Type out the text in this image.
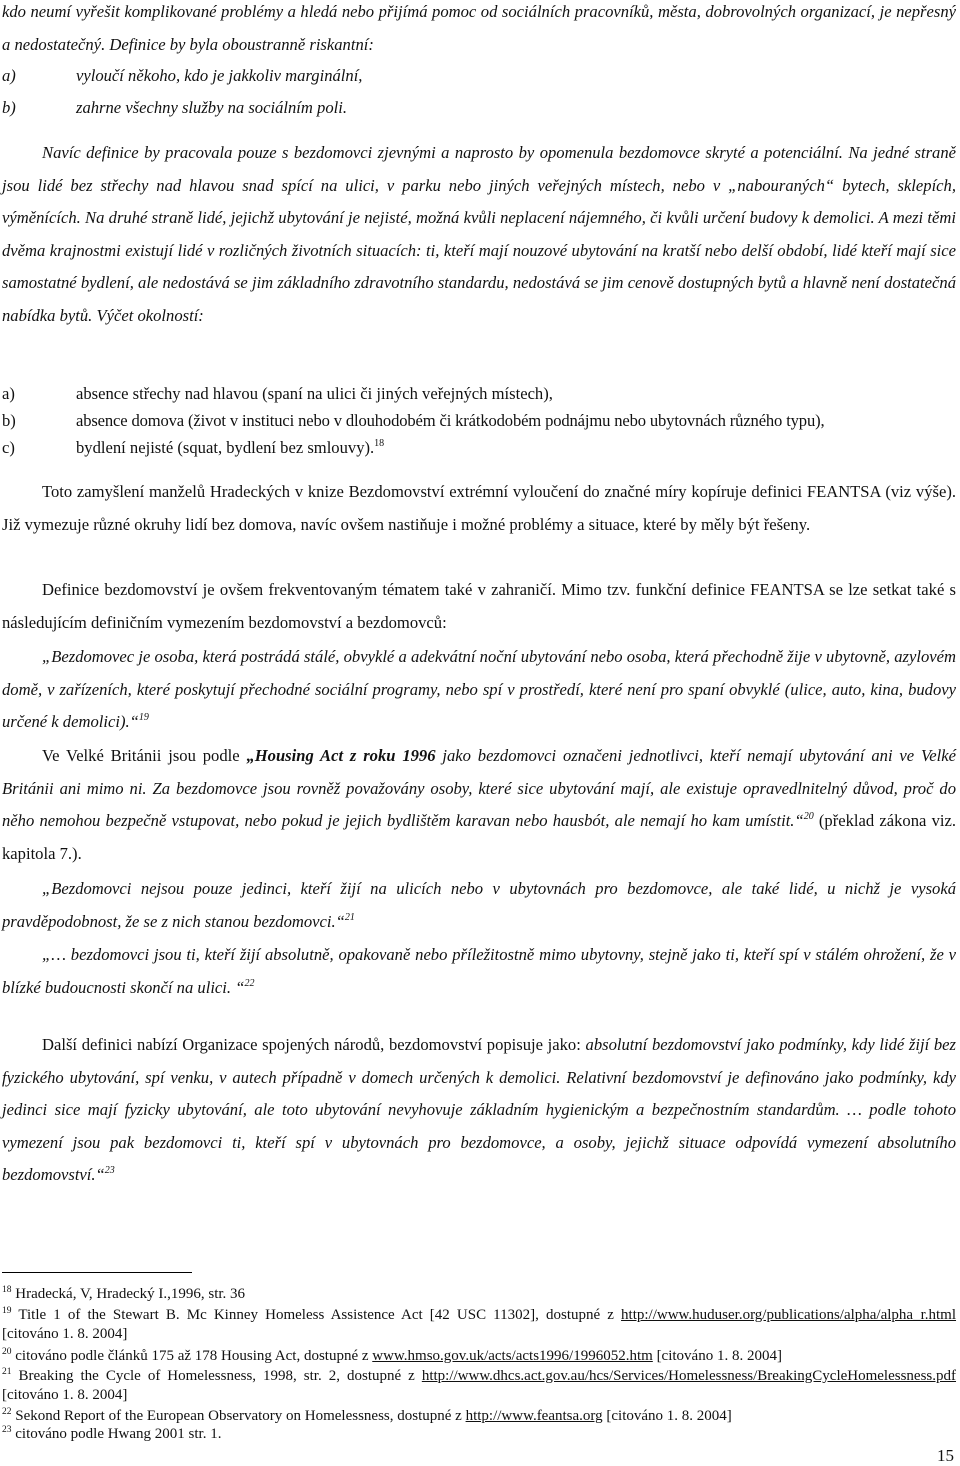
kdo neumí vyřešit komplikované problémy a hledá nebo přijímá pomoc od sociálních pracovníků, města, dobrovolných organizací, je nepřesný a nedostatečný. Definice by byla oboustranně riskantní:

a)	vyloučí někoho, kdo je jakkoliv marginální,
b)	zahrne všechny služby na sociálním poli.

Navíc definice by pracovala pouze s bezdomovci zjevnými a naprosto by opomenula bezdomovce skryté a potenciální. Na jedné straně jsou lidé bez střechy nad hlavou snad spící na ulici, v parku nebo jiných veřejných místech, nebo v „nabouraných“ bytech, sklepích, výměnících. Na druhé straně lidé, jejichž ubytování je nejisté, možná kvůli neplacení nájemného, či kvůli určení budovy k demolici. A mezi těmi dvěma krajnostmi existují lidé v rozličných životních situacích: ti, kteří mají nouzové ubytování na kratší nebo delší období, lidé kteří mají sice samostatné bydlení, ale nedostává se jim základního zdravotního standardu, nedostává se jim cenově dostupných bytů a hlavně není dostatečná nabídka bytů. Výčet okolností:

a)	absence střechy nad hlavou (spaní na ulici či jiných veřejných místech),
b)	absence domova (život v instituci nebo v dlouhodobém či krátkodobém podnájmu nebo ubytovnách různého typu),
c)	bydlení nejisté (squat, bydlení bez smlouvy).$^{18}$

Toto zamyšlení manželů Hradeckých v knize Bezdomovství extrémní vyloučení do značné míry kopíruje definici FEANTSA (viz výše). Již vymezuje různé okruhy lidí bez domova, navíc ovšem nastiňuje i možné problémy a situace, které by měly být řešeny.

Definice bezdomovství je ovšem frekventovaným tématem také v zahraničí. Mimo tzv. funkční definice FEANTSA se lze setkat také s následujícím definičním vymezením bezdomovství a bezdomovců:

„Bezdomovec je osoba, která postrádá stálé, obvyklé a adekvátní noční ubytování nebo osoba, která přechodně žije v ubytovně, azylovém domě, v zařízeních, které poskytují přechodné sociální programy, nebo spí v prostředí, které není pro spaní obvyklé (ulice, auto, kina, budovy určené k demolici).“$^{19}$

Ve Velké Británii jsou podle „Housing Act z roku 1996 jako bezdomovci označeni jednotlivci, kteří nemají ubytování ani ve Velké Británii ani mimo ni. Za bezdomovce jsou rovněž považovány osoby, které sice ubytování mají, ale existuje opravedlnitelný důvod, proč do něho nemohou bezpečně vstupovat, nebo pokud je jejich bydlištěm karavan nebo hausbót, ale nemají ho kam umístit.“$^{20}$ (překlad zákona viz. kapitola 7.).

„Bezdomovci nejsou pouze jedinci, kteří žijí na ulicích nebo v ubytovnách pro bezdomovce, ale také lidé, u nichž je vysoká pravděpodobnost, že se z nich stanou bezdomovci.“$^{21}$

„… bezdomovci jsou ti, kteří žijí absolutně, opakovaně nebo příležitostně mimo ubytovny, stejně jako ti, kteří spí v stálém ohrožení, že v blízké budoucnosti skončí na ulici. “$^{22}$

Další definici nabízí Organizace spojených národů, bezdomovství popisuje jako: absolutní bezdomovství jako podmínky, kdy lidé žijí bez fyzického ubytování, spí venku, v autech případně v domech určených k demolici. Relativní bezdomovství je definováno jako podmínky, kdy jedinci sice mají fyzicky ubytování, ale toto ubytování nevyhovuje základním hygienickým a bezpečnostním standardům. … podle tohoto vymezení jsou pak bezdomovci ti, kteří spí v ubytovnách pro bezdomovce, a osoby, jejichž situace odpovídá vymezení absolutního bezdomovství.“$^{23}$

$^{18}$ Hradecká, V, Hradecký I.,1996, str. 36

$^{19}$ Title 1 of the Stewart B. Mc Kinney Homeless Assistence Act [42 USC 11302], dostupné z http://www.huduser.org/publications/alpha/alpha_r.html [citováno 1. 8. 2004]

$^{20}$ citováno podle článků 175 až 178 Housing Act, dostupné z www.hmso.gov.uk/acts/acts1996/1996052.htm [citováno 1. 8. 2004]

$^{21}$ Breaking the Cycle of Homelessness, 1998, str. 2, dostupné z http://www.dhcs.act.gov.au/hcs/Services/Homelessness/BreakingCycleHomelessness.pdf [citováno 1. 8. 2004]

$^{22}$ Sekond Report of the European Observatory on Homelessness, dostupné z http://www.feantsa.org [citováno 1. 8. 2004]

$^{23}$ citováno podle Hwang 2001 str. 1.

15
